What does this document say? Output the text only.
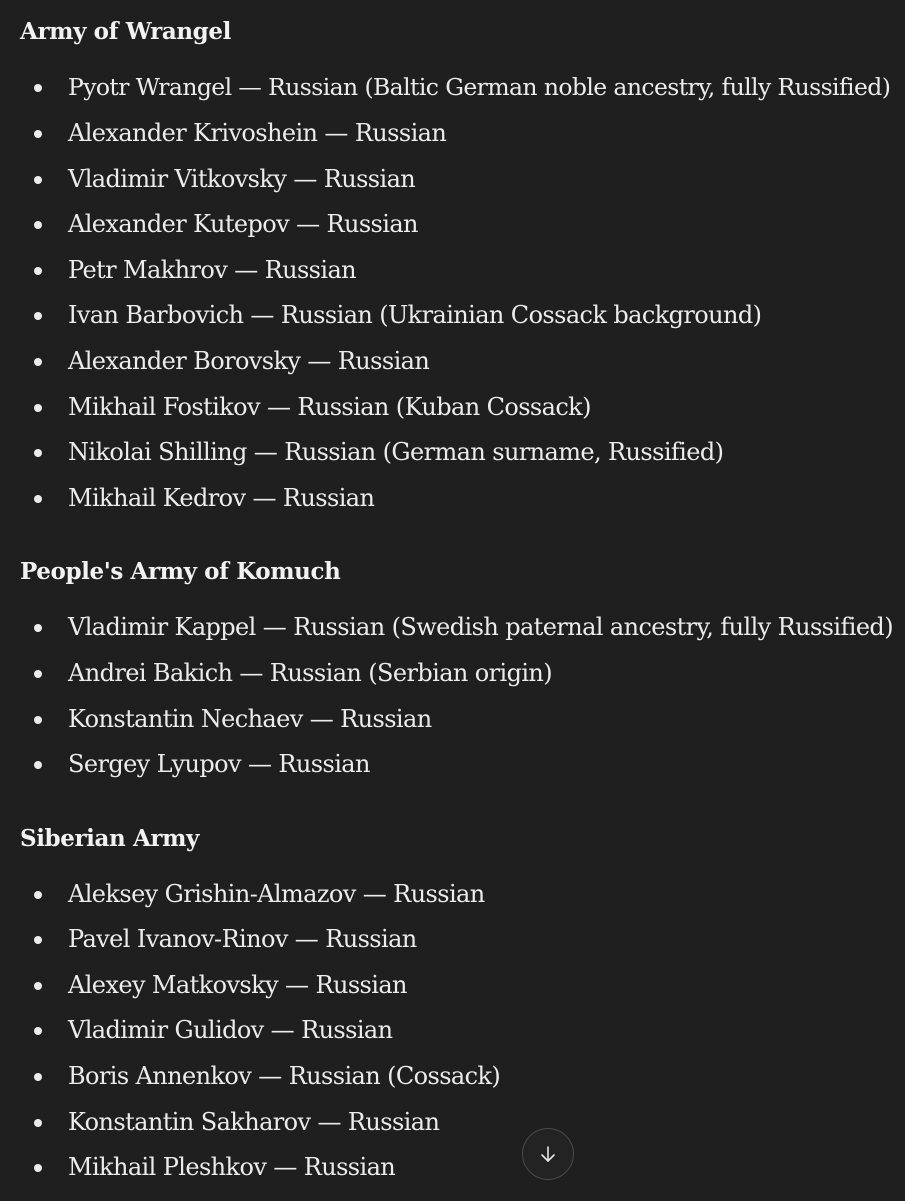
Army of Wrangel
Pyotr Wrangel — Russian (Baltic German noble ancestry, fully Russified)
Alexander Krivoshein — Russian
Vladimir Vitkovsky — Russian
Alexander Kutepov — Russian
Petr Makhrov — Russian
Ivan Barbovich — Russian (Ukrainian Cossack background)
Alexander Borovsky — Russian
Mikhail Fostikov — Russian (Kuban Cossack)
Nikolai Shilling — Russian (German surname, Russified)
Mikhail Kedrov — Russian
People's Army of Komuch
Vladimir Kappel — Russian (Swedish paternal ancestry, fully Russified)
Andrei Bakich — Russian (Serbian origin)
Konstantin Nechaev — Russian
Sergey Lyupov — Russian
Siberian Army
Aleksey Grishin-Almazov — Russian
Pavel Ivanov-Rinov — Russian
Alexey Matkovsky — Russian
Vladimir Gulidov — Russian
Boris Annenkov — Russian (Cossack)
Konstantin Sakharov — Russian
Mikhail Pleshkov — Russian
